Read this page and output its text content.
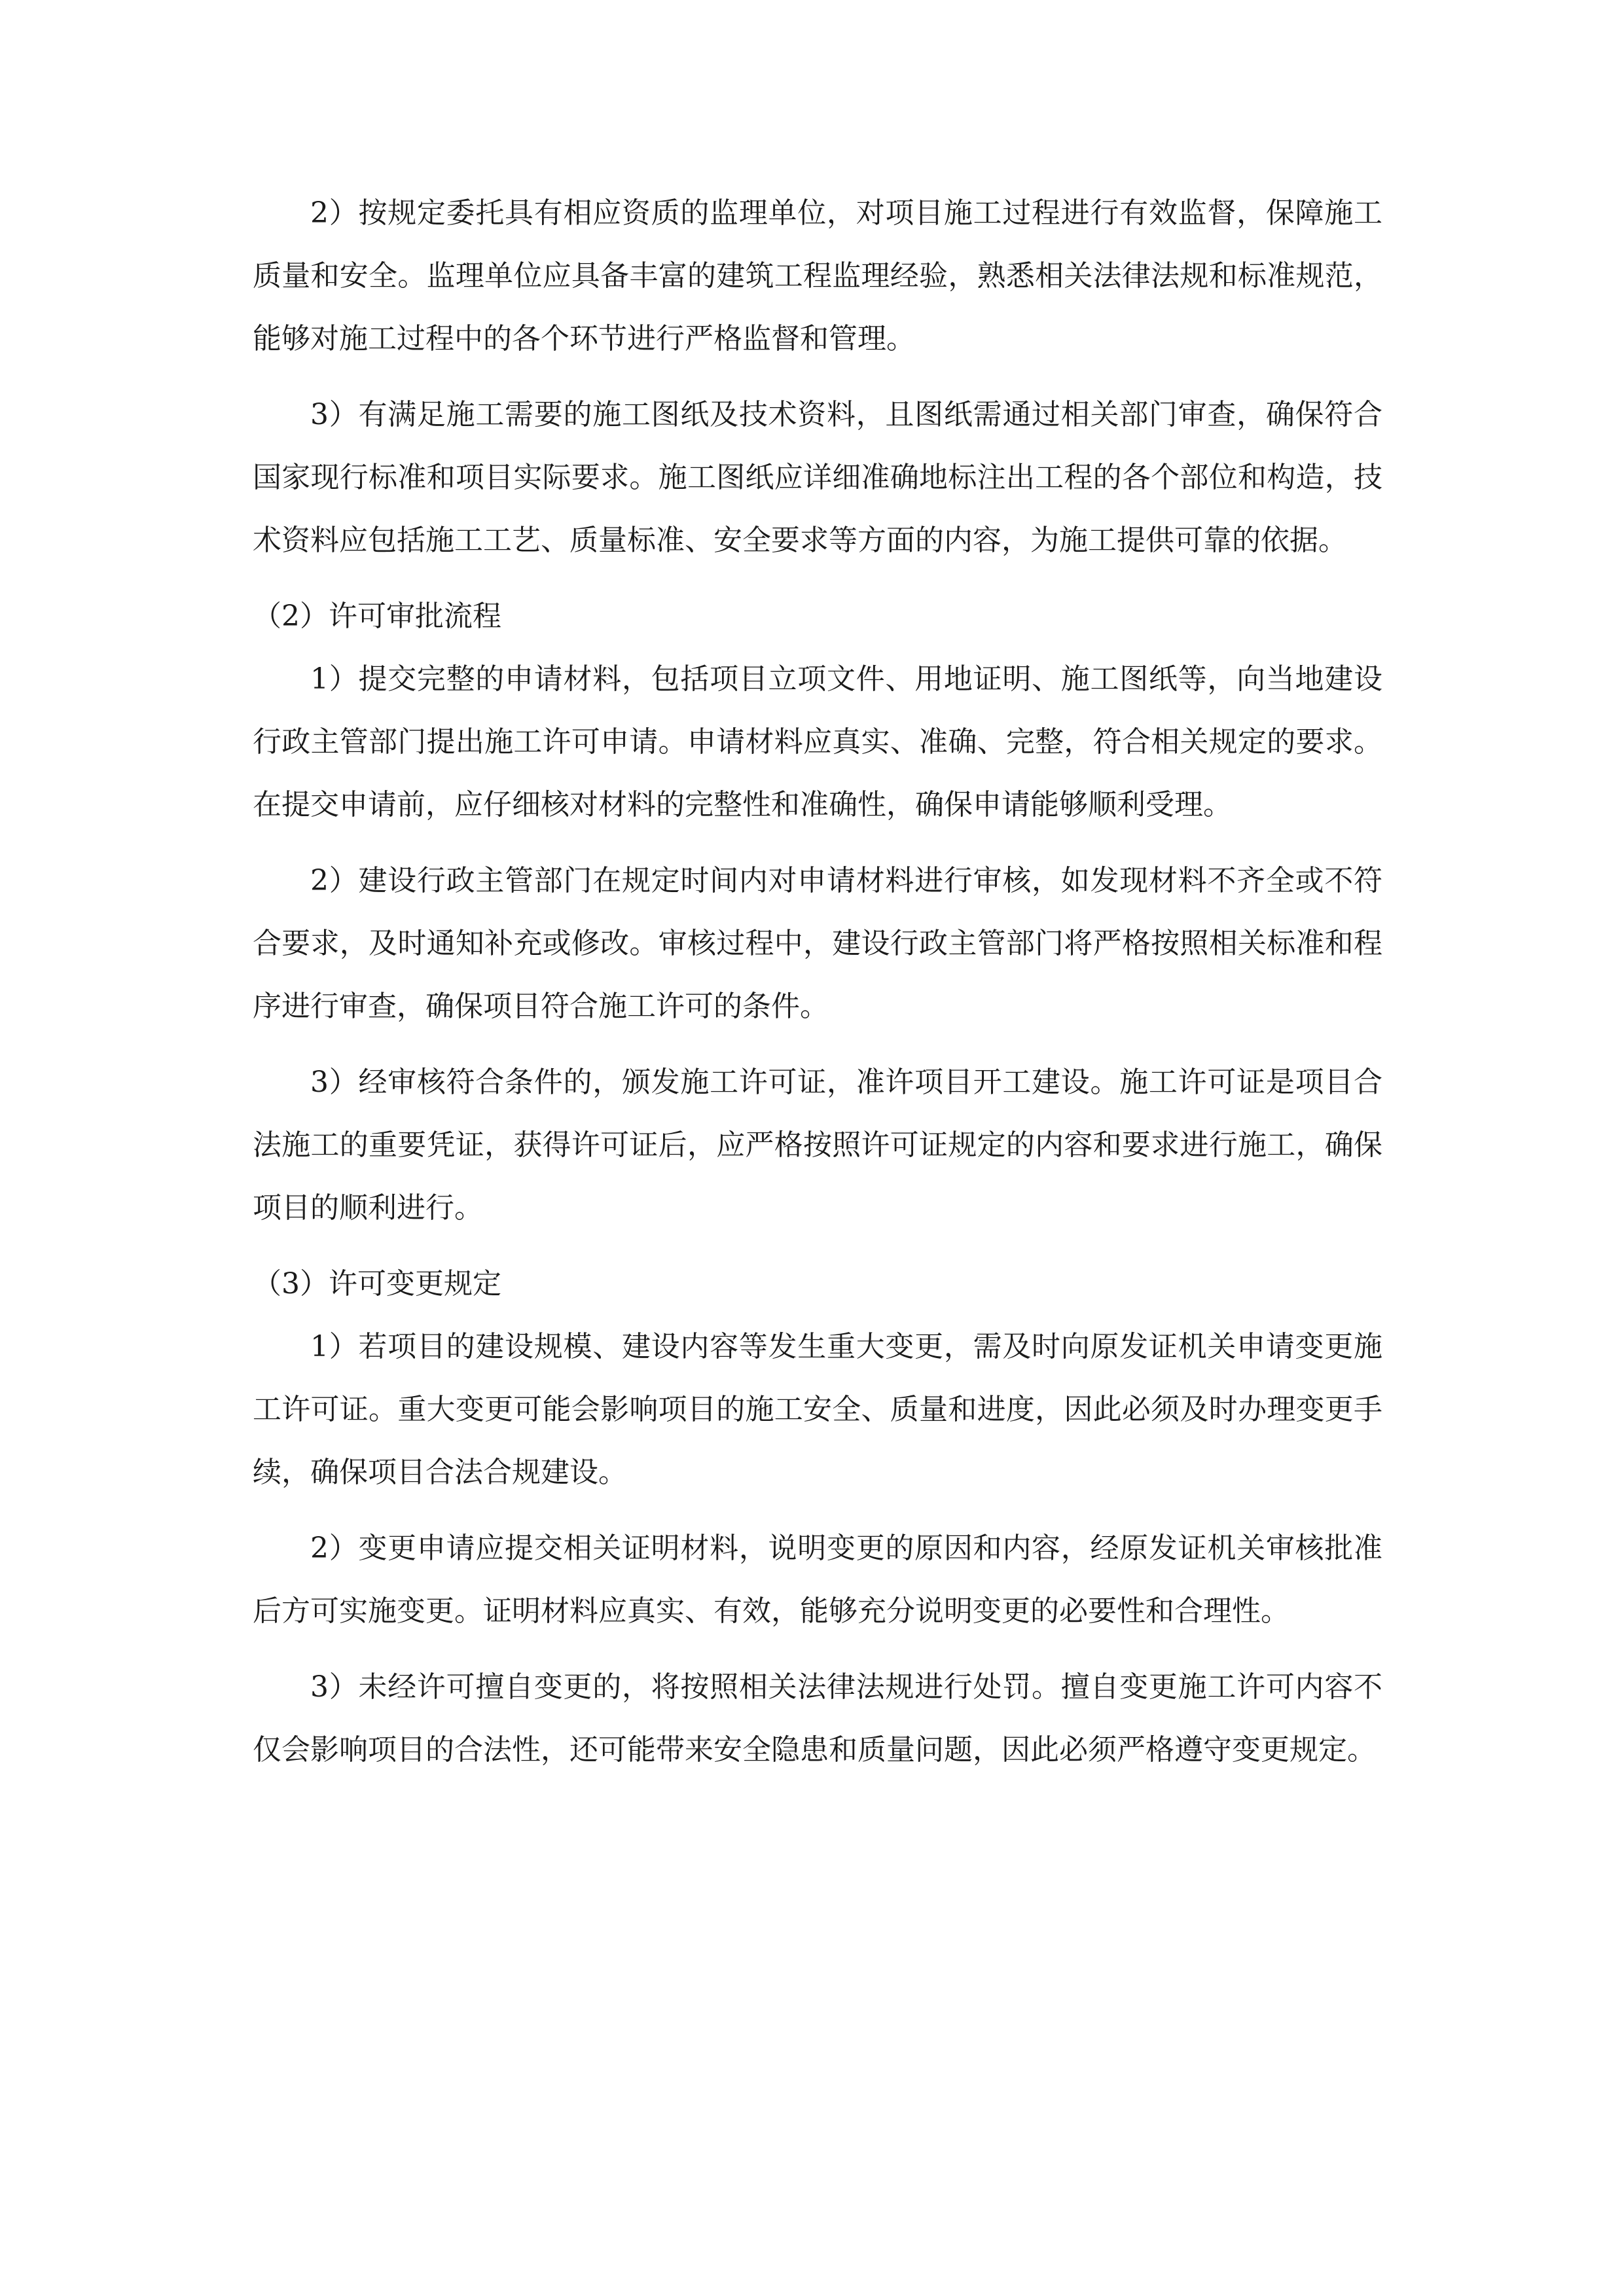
2）按规定委托具有相应资质的监理单位，对项目施工过程进行有效监督，保障施工质量和安全。监理单位应具备丰富的建筑工程监理经验，熟悉相关法律法规和标准规范，能够对施工过程中的各个环节进行严格监督和管理。

3）有满足施工需要的施工图纸及技术资料，且图纸需通过相关部门审查，确保符合国家现行标准和项目实际要求。施工图纸应详细准确地标注出工程的各个部位和构造，技术资料应包括施工工艺、质量标准、安全要求等方面的内容，为施工提供可靠的依据。

（2）许可审批流程

1）提交完整的申请材料，包括项目立项文件、用地证明、施工图纸等，向当地建设行政主管部门提出施工许可申请。申请材料应真实、准确、完整，符合相关规定的要求。在提交申请前，应仔细核对材料的完整性和准确性，确保申请能够顺利受理。

2）建设行政主管部门在规定时间内对申请材料进行审核，如发现材料不齐全或不符合要求，及时通知补充或修改。审核过程中，建设行政主管部门将严格按照相关标准和程序进行审查，确保项目符合施工许可的条件。

3）经审核符合条件的，颁发施工许可证，准许项目开工建设。施工许可证是项目合法施工的重要凭证，获得许可证后，应严格按照许可证规定的内容和要求进行施工，确保项目的顺利进行。

（3）许可变更规定

1）若项目的建设规模、建设内容等发生重大变更，需及时向原发证机关申请变更施工许可证。重大变更可能会影响项目的施工安全、质量和进度，因此必须及时办理变更手续，确保项目合法合规建设。

2）变更申请应提交相关证明材料，说明变更的原因和内容，经原发证机关审核批准后方可实施变更。证明材料应真实、有效，能够充分说明变更的必要性和合理性。

3）未经许可擅自变更的，将按照相关法律法规进行处罚。擅自变更施工许可内容不仅会影响项目的合法性，还可能带来安全隐患和质量问题，因此必须严格遵守变更规定。
